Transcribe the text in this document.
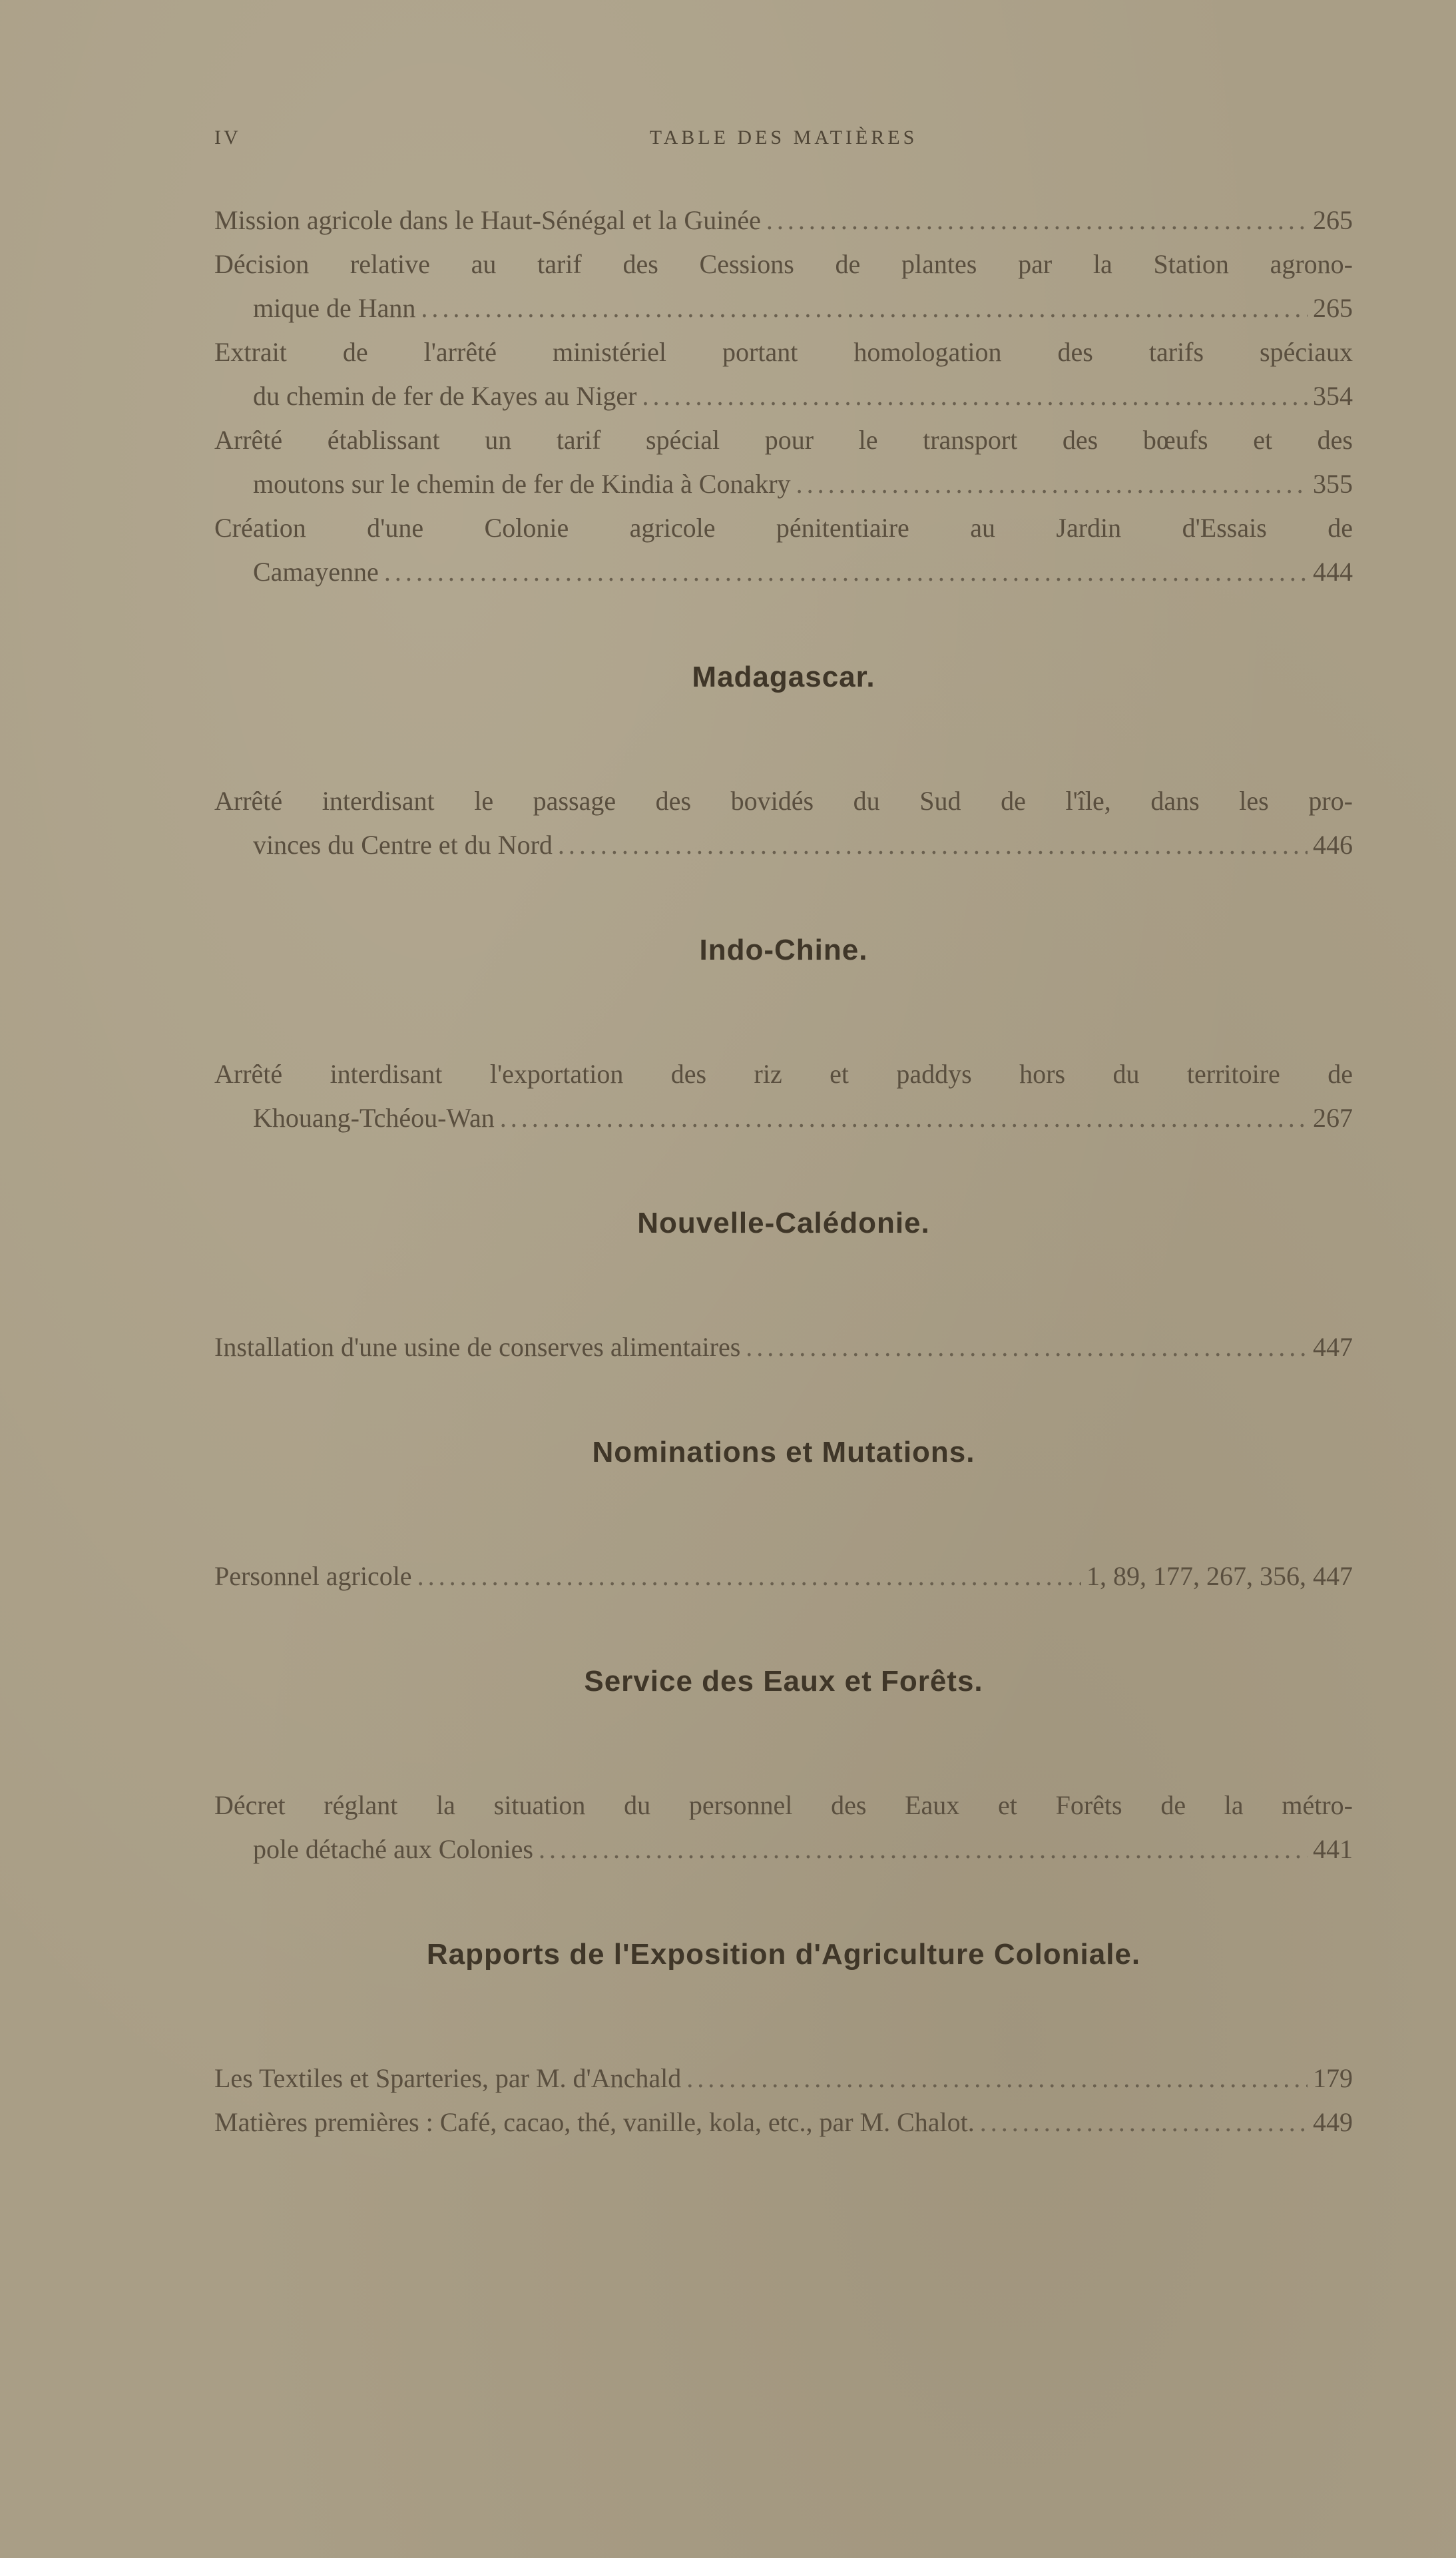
IV	TABLE DES MATIÈRES
Mission agricole dans le Haut-Sénégal et la Guinée . . .	265
Décision relative au tarif des Cessions de plantes par la Station agrono-
mique de Hann . . .	265
Extrait de l'arrêté ministériel portant homologation des tarifs spéciaux
du chemin de fer de Kayes au Niger . . .	354
Arrêté établissant un tarif spécial pour le transport des bœufs et des
moutons sur le chemin de fer de Kindia à Conakry . . .	355
Création d'une Colonie agricole pénitentiaire au Jardin d'Essais de
Camayenne . . .	444
Madagascar.
Arrêté interdisant le passage des bovidés du Sud de l'île, dans les pro-
vinces du Centre et du Nord . . .	446
Indo-Chine.
Arrêté interdisant l'exportation des riz et paddys hors du territoire de
Khouang-Tchéou-Wan . . .	267
Nouvelle-Calédonie.
Installation d'une usine de conserves alimentaires . . .	447
Nominations et Mutations.
Personnel agricole . . .	1, 89, 177, 267, 356, 447
Service des Eaux et Forêts.
Décret réglant la situation du personnel des Eaux et Forêts de la métro-
pole détaché aux Colonies . . .	441
Rapports de l'Exposition d'Agriculture Coloniale.
Les Textiles et Sparteries, par M. d'Anchald . . .	179
Matières premières : Café, cacao, thé, vanille, kola, etc., par M. Chalot. . . .	449
